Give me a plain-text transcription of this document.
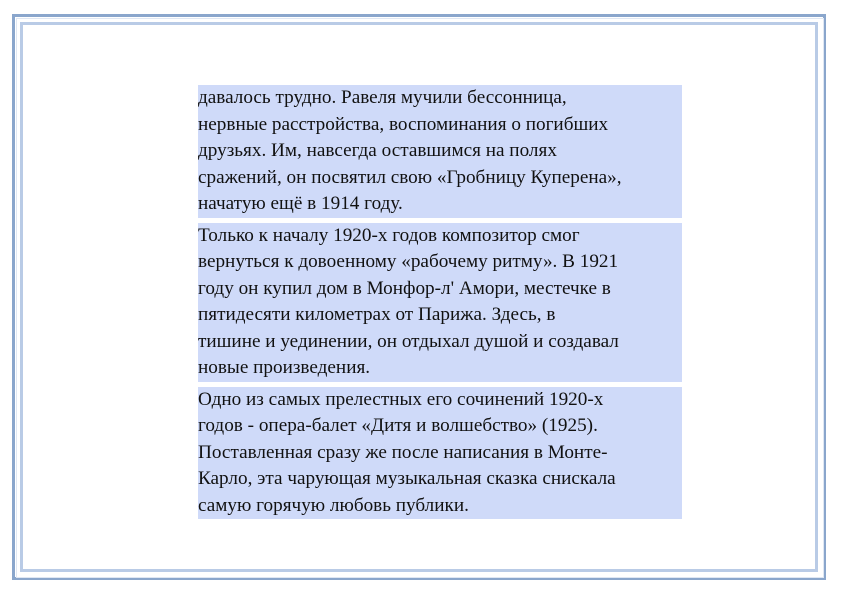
давалось трудно. Равеля мучили бессонница,
нервные расстройства, воспоминания о погибших
друзьях. Им, навсегда оставшимся на полях
сражений, он посвятил свою «Гробницу Куперена»,
начатую ещё в 1914 году.

Только к началу 1920-х годов композитор смог
вернуться к довоенному «рабочему ритму». В 1921
году он купил дом в Монфор-л' Амори, местечке в
пятидесяти километрах от Парижа. Здесь, в
тишине и уединении, он отдыхал душой и создавал
новые произведения.

Одно из самых прелестных его сочинений 1920-х
годов - опера-балет «Дитя и волшебство» (1925).
Поставленная сразу же после написания в Монте-
Карло, эта чарующая музыкальная сказка снискала
самую горячую любовь публики.
